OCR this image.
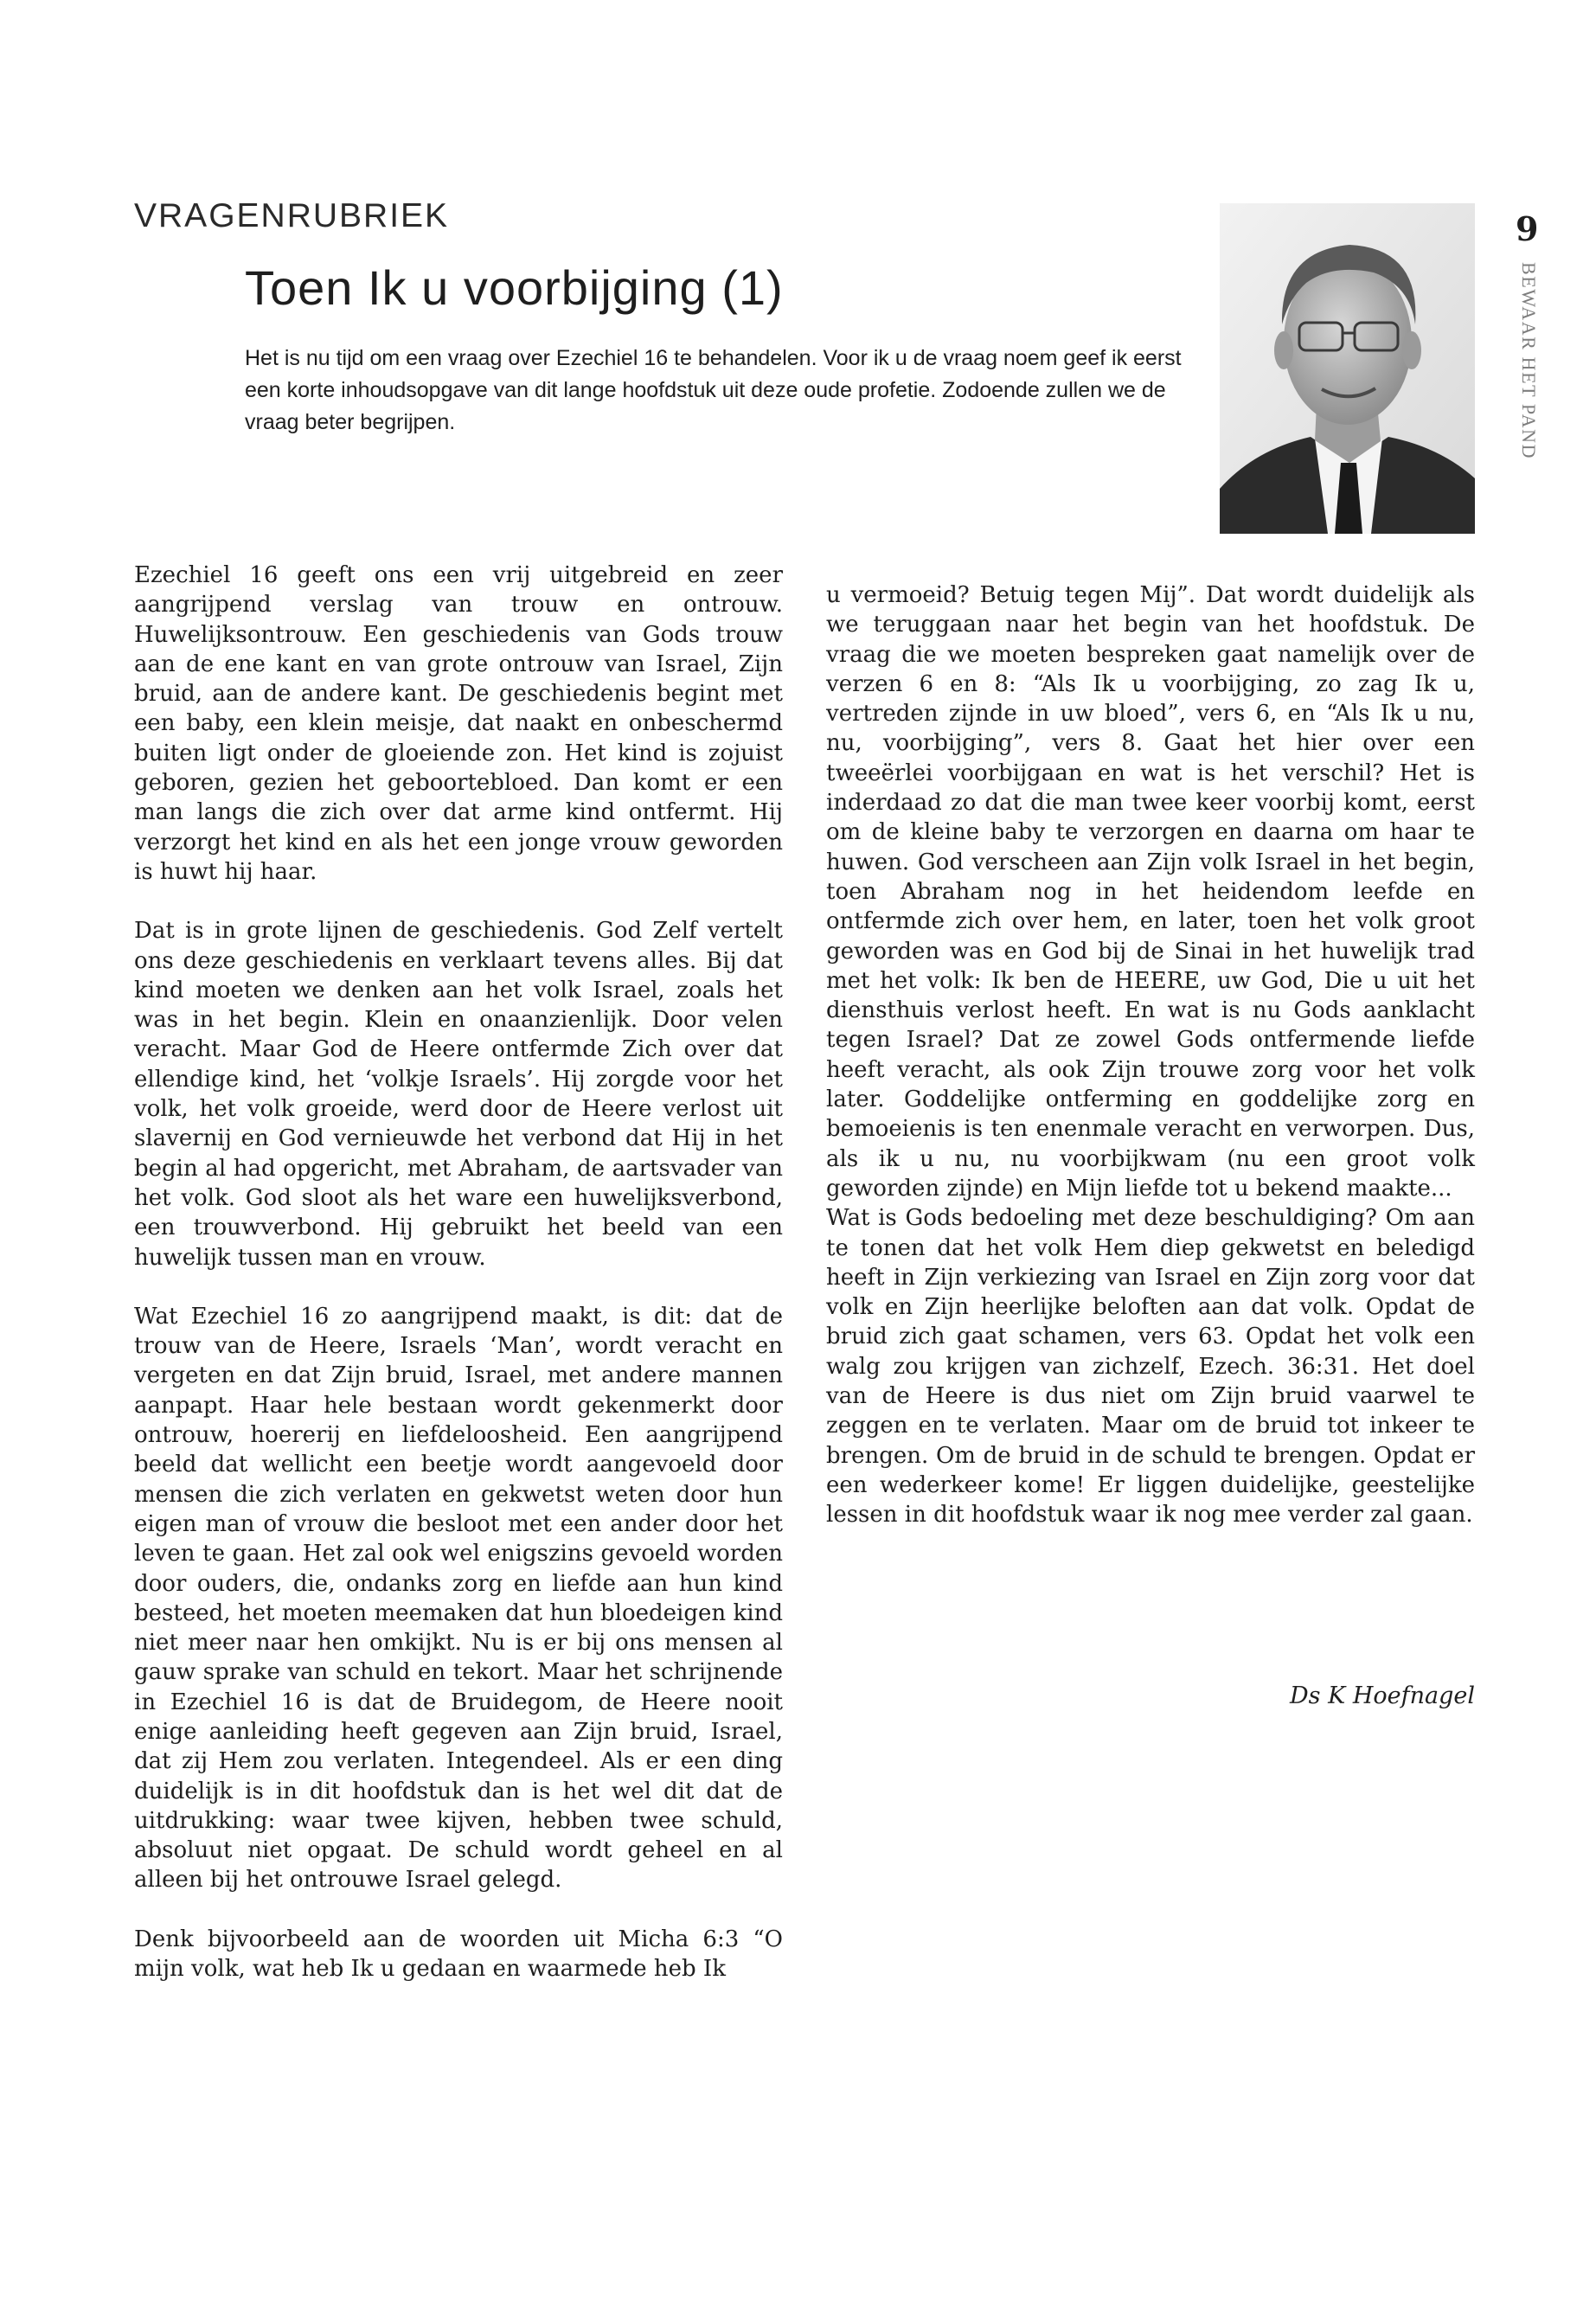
VRAGENRUBRIEK
Toen Ik u voorbijging (1)

Het is nu tijd om een vraag over Ezechiel 16 te behandelen. Voor ik u de vraag noem geef ik eerst een korte inhoudsopgave van dit lange hoofdstuk uit deze oude profetie. Zodoende zullen we de vraag beter begrijpen.

9
BEWAAR HET PAND

Ezechiel 16 geeft ons een vrij uitgebreid en zeer aangrijpend verslag van trouw en ontrouw. Huwelijksontrouw. Een geschiedenis van Gods trouw aan de ene kant en van grote ontrouw van Israel, Zijn bruid, aan de andere kant. De geschiedenis begint met een baby, een klein meisje, dat naakt en onbeschermd buiten ligt onder de gloeiende zon. Het kind is zojuist geboren, gezien het geboortebloed. Dan komt er een man langs die zich over dat arme kind ontfermt. Hij verzorgt het kind en als het een jonge vrouw geworden is huwt hij haar.

Dat is in grote lijnen de geschiedenis. God Zelf vertelt ons deze geschiedenis en verklaart tevens alles. Bij dat kind moeten we denken aan het volk Israel, zoals het was in het begin. Klein en onaanzienlijk. Door velen veracht. Maar God de Heere ontfermde Zich over dat ellendige kind, het ‘volkje Israels’. Hij zorgde voor het volk, het volk groeide, werd door de Heere verlost uit slavernij en God vernieuwde het verbond dat Hij in het begin al had opgericht, met Abraham, de aartsvader van het volk. God sloot als het ware een huwelijksverbond, een trouwverbond. Hij gebruikt het beeld van een huwelijk tussen man en vrouw.

Wat Ezechiel 16 zo aangrijpend maakt, is dit: dat de trouw van de Heere, Israels ‘Man’, wordt veracht en vergeten en dat Zijn bruid, Israel, met andere mannen aanpapt. Haar hele bestaan wordt gekenmerkt door ontrouw, hoererij en liefdeloosheid. Een aangrijpend beeld dat wellicht een beetje wordt aangevoeld door mensen die zich verlaten en gekwetst weten door hun eigen man of vrouw die besloot met een ander door het leven te gaan. Het zal ook wel enigszins gevoeld worden door ouders, die, ondanks zorg en liefde aan hun kind besteed, het moeten meemaken dat hun bloedeigen kind niet meer naar hen omkijkt. Nu is er bij ons mensen al gauw sprake van schuld en tekort. Maar het schrijnende in Ezechiel 16 is dat de Bruidegom, de Heere nooit enige aanleiding heeft gegeven aan Zijn bruid, Israel, dat zij Hem zou verlaten. Integendeel. Als er een ding duidelijk is in dit hoofdstuk dan is het wel dit dat de uitdrukking: waar twee kijven, hebben twee schuld, absoluut niet opgaat. De schuld wordt geheel en al alleen bij het ontrouwe Israel gelegd.

Denk bijvoorbeeld aan de woorden uit Micha 6:3 “O mijn volk, wat heb Ik u gedaan en waarmede heb Ik

u vermoeid? Betuig tegen Mij”. Dat wordt duidelijk als we teruggaan naar het begin van het hoofdstuk. De vraag die we moeten bespreken gaat namelijk over de verzen 6 en 8: “Als Ik u voorbijging, zo zag Ik u, vertreden zijnde in uw bloed”, vers 6, en “Als Ik u nu, nu, voorbijging”, vers 8. Gaat het hier over een tweeërlei voorbijgaan en wat is het verschil? Het is inderdaad zo dat die man twee keer voorbij komt, eerst om de kleine baby te verzorgen en daarna om haar te huwen. God verscheen aan Zijn volk Israel in het begin, toen Abraham nog in het heidendom leefde en ontfermde zich over hem, en later, toen het volk groot geworden was en God bij de Sinai in het huwelijk trad met het volk: Ik ben de HEERE, uw God, Die u uit het diensthuis verlost heeft. En wat is nu Gods aanklacht tegen Israel? Dat ze zowel Gods ontfermende liefde heeft veracht, als ook Zijn trouwe zorg voor het volk later. Goddelijke ontferming en goddelijke zorg en bemoeienis is ten enenmale veracht en verworpen. Dus, als ik u nu, nu voorbijkwam (nu een groot volk geworden zijnde) en Mijn liefde tot u bekend maakte...

Wat is Gods bedoeling met deze beschuldiging? Om aan te tonen dat het volk Hem diep gekwetst en beledigd heeft in Zijn verkiezing van Israel en Zijn zorg voor dat volk en Zijn heerlijke beloften aan dat volk. Opdat de bruid zich gaat schamen, vers 63. Opdat het volk een walg zou krijgen van zichzelf, Ezech. 36:31. Het doel van de Heere is dus niet om Zijn bruid vaarwel te zeggen en te verlaten. Maar om de bruid tot inkeer te brengen. Om de bruid in de schuld te brengen. Opdat er een wederkeer kome! Er liggen duidelijke, geestelijke lessen in dit hoofdstuk waar ik nog mee verder zal gaan.

Ds K Hoefnagel
